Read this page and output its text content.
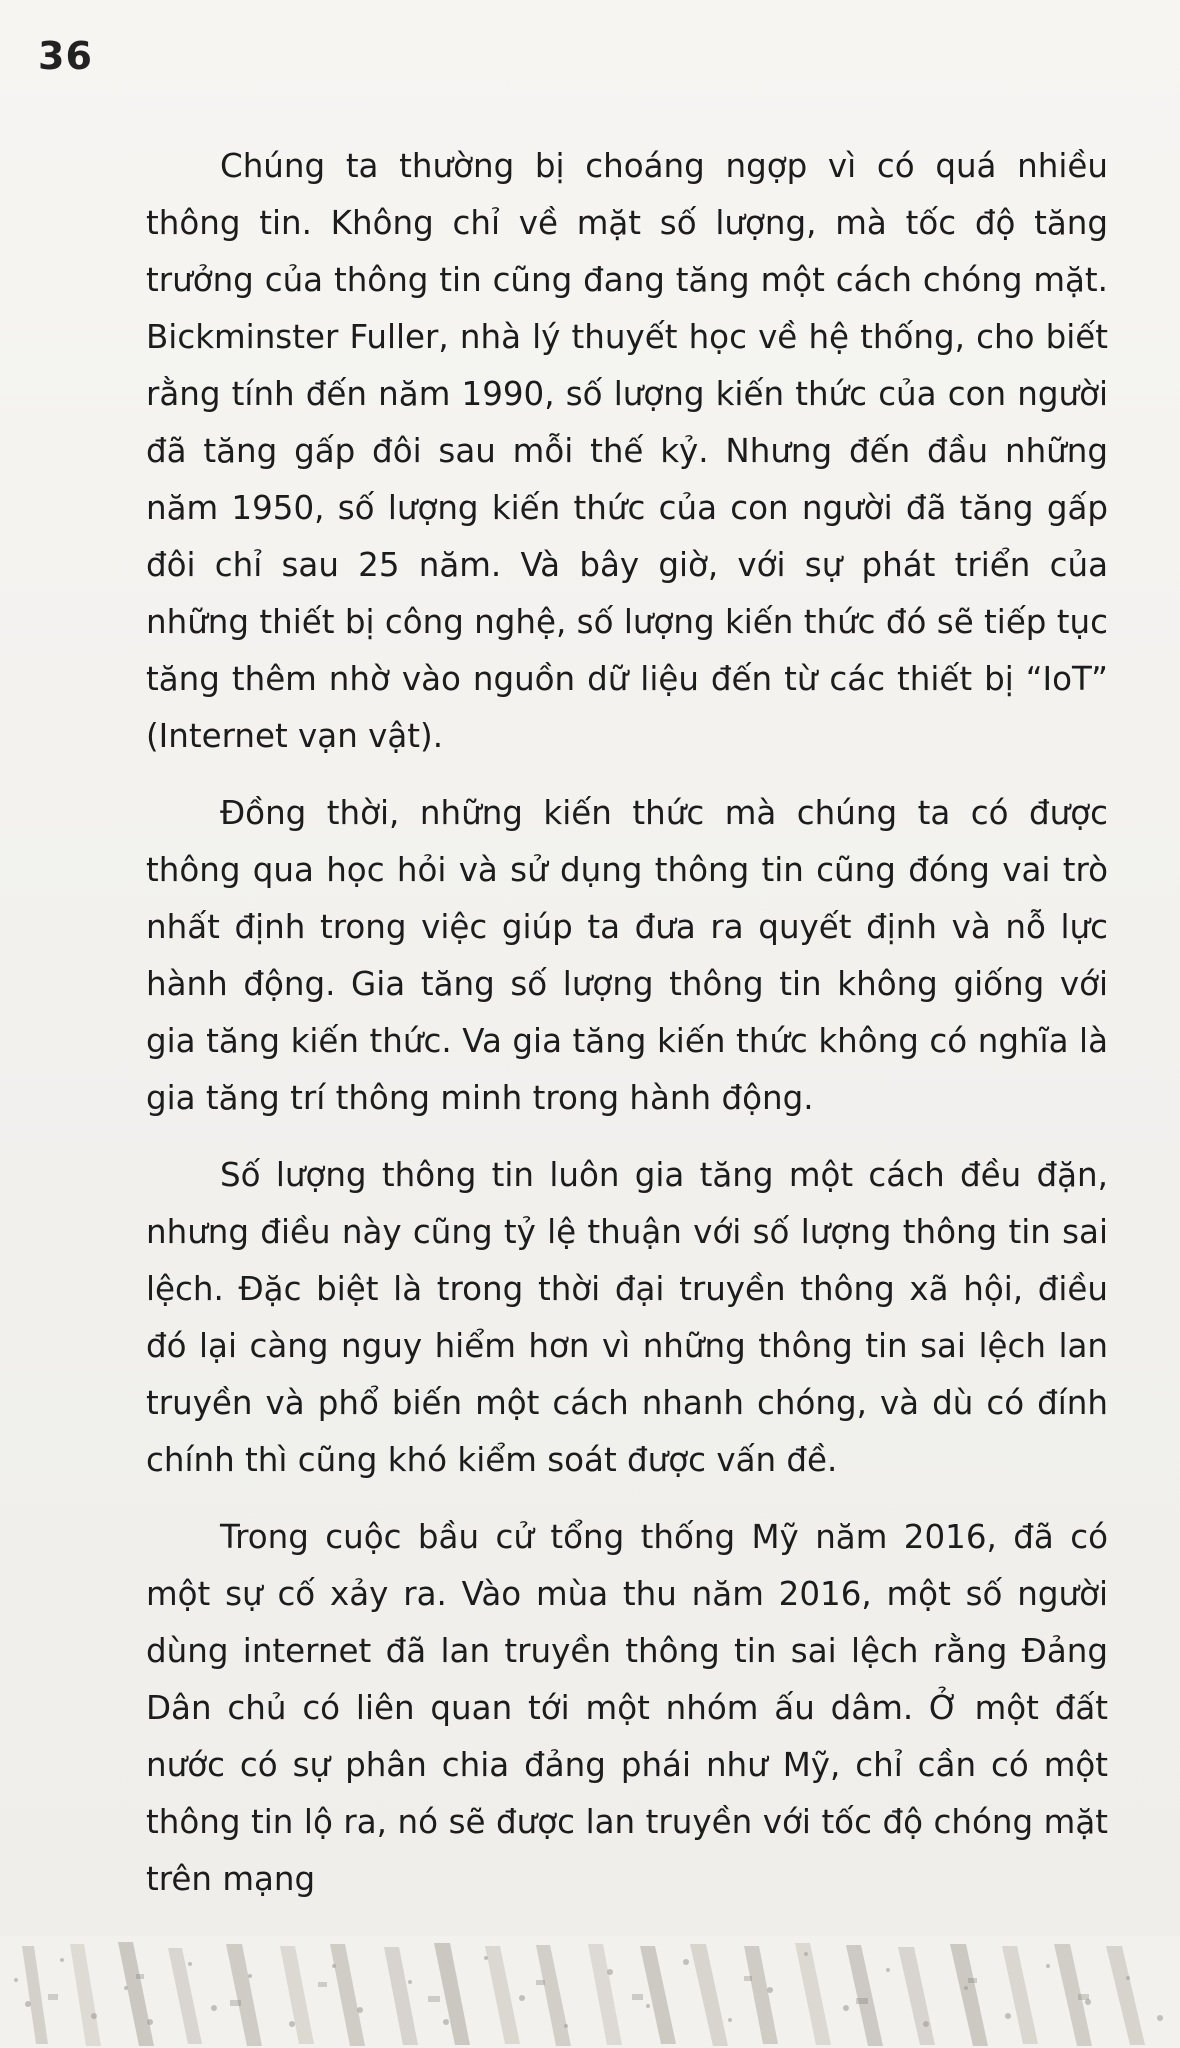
36

Chúng ta thường bị choáng ngợp vì có quá nhiều thông tin. Không chỉ về mặt số lượng, mà tốc độ tăng trưởng của thông tin cũng đang tăng một cách chóng mặt. Bickminster Fuller, nhà lý thuyết học về hệ thống, cho biết rằng tính đến năm 1990, số lượng kiến thức của con người đã tăng gấp đôi sau mỗi thế kỷ. Nhưng đến đầu những năm 1950, số lượng kiến thức của con người đã tăng gấp đôi chỉ sau 25 năm. Và bây giờ, với sự phát triển của những thiết bị công nghệ, số lượng kiến thức đó sẽ tiếp tục tăng thêm nhờ vào nguồn dữ liệu đến từ các thiết bị “IoT” (Internet vạn vật).

Đồng thời, những kiến thức mà chúng ta có được thông qua học hỏi và sử dụng thông tin cũng đóng vai trò nhất định trong việc giúp ta đưa ra quyết định và nỗ lực hành động. Gia tăng số lượng thông tin không giống với gia tăng kiến thức. Va gia tăng kiến thức không có nghĩa là gia tăng trí thông minh trong hành động.

Số lượng thông tin luôn gia tăng một cách đều đặn, nhưng điều này cũng tỷ lệ thuận với số lượng thông tin sai lệch. Đặc biệt là trong thời đại truyền thông xã hội, điều đó lại càng nguy hiểm hơn vì những thông tin sai lệch lan truyền và phổ biến một cách nhanh chóng, và dù có đính chính thì cũng khó kiểm soát được vấn đề.

Trong cuộc bầu cử tổng thống Mỹ năm 2016, đã có một sự cố xảy ra. Vào mùa thu năm 2016, một số người dùng internet đã lan truyền thông tin sai lệch rằng Đảng Dân chủ có liên quan tới một nhóm ấu dâm. Ở một đất nước có sự phân chia đảng phái như Mỹ, chỉ cần có một thông tin lộ ra, nó sẽ được lan truyền với tốc độ chóng mặt trên mạng
